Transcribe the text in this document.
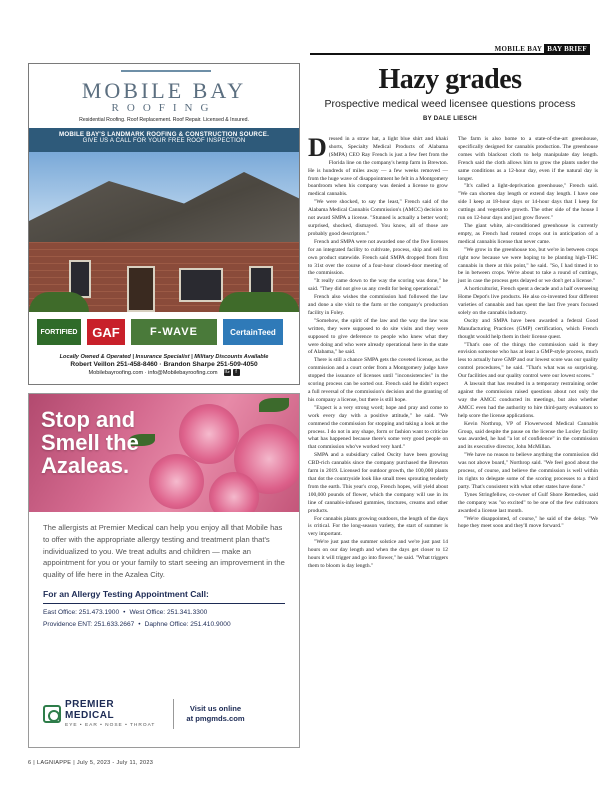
MOBILE BAY BAY BRIEF
MOBILE BAY
ROOFING
Residential Roofing. Roof Replacement. Roof Repair. Licensed & Insured.
MOBILE BAY'S LANDMARK ROOFING & CONSTRUCTION SOURCE.
GIVE US A CALL FOR YOUR FREE ROOF INSPECTION
FORTIFIED	GAF	F-WAVE	CertainTeed
Locally Owned & Operated | Insurance Specialist | Military Discounts Available
Robert Veillon 251-458-8460 · Brandon Sharpe 251-509-4050
Mobilebayroofing.com · info@Mobilebayroofing.com IG	f
Stop and
Smell the
Azaleas.
The allergists at Premier Medical can help you enjoy all that Mobile has to offer with the appropriate allergy testing and treatment plan that's individualized to you. We treat adults and children — make an appointment for you or your family to start seeing an improvement in the quality of life here in the Azalea City.
For an Allergy Testing Appointment Call:
East Office: 251.473.1900 • West Office: 251.341.3300
Providence ENT: 251.633.2667 • Daphne Office: 251.410.9000
PREMIER
MEDICAL
EYE • EAR • NOSE • THROAT
Visit us online
at pmgmds.com
Hazy grades
Prospective medical weed licensee questions process
BY DALE LIESCH

Dressed in a straw hat, a light blue shirt and khaki shorts, Specialty Medical Products of Alabama (SMPA) CEO Ray French is just a few feet from the Florida line on the company's hemp farm in Brewton. He is hundreds of miles away — a few weeks removed — from the huge wave of disappointment he felt in a Montgomery boardroom when his company was denied a license to grow medical cannabis.

"We were shocked, to say the least," French said of the Alabama Medical Cannabis Commission's (AMCC) decision to not award SMPA a license. "Stunned is actually a better word; surprised, shocked, dismayed. You know, all of those are probably good descriptors."

French and SMPA were not awarded one of the five licenses for an integrated facility to cultivate, process, ship and sell its own product statewide. French said SMPA dropped from first to 31st over the course of a four-hour closed-door meeting of the commission.

"It really came down to the way the scoring was done," he said. "They did not give us any credit for being operational."

French also wishes the commission had followed the law and done a site visit to the farm or the company's production facility in Foley.

"Somehow, the spirit of the law and the way the law was written, they were supposed to do site visits and they were supposed to give deference to people who knew what they were doing and who were already operational here in the state of Alabama," he said.

There is still a chance SMPA gets the coveted license, as the commission and a court order from a Montgomery judge have stopped the issuance of licenses until "inconsistencies" in the scoring process can be sorted out. French said he didn't expect a full reversal of the commission's decision and the granting of his company a license, but there is still hope.

"Expect is a very strong word; hope and pray and come to work every day with a positive attitude," he said. "We commend the commission for stopping and taking a look at the process. I do not in any shape, form or fashion want to criticize what has happened because there's some very good people on that commission who've worked very hard."

SMPA and a subsidiary called Oscity have been growing CBD-rich cannabis since the company purchased the Brewton farm in 2019. Licensed for outdoor growth, the 100,000 plants that dot the countryside look like small trees sprouting tenderly from the earth. This year's crop, French hopes, will yield about 100,000 pounds of flower, which the company will use in its line of cannabis-infused gummies, tinctures, creams and other products.

For cannabis plants growing outdoors, the length of the days is critical. For the long-season variety, the start of summer is very important.

"We're just past the summer solstice and we're just past 14 hours on our day length and when the days get closer to 12 hours it will trigger and go into flower," he said. "What triggers them to bloom is day length."

The farm is also home to a state-of-the-art greenhouse, specifically designed for cannabis production. The greenhouse comes with blackout cloth to help manipulate day length. French said the cloth allows him to grow the plants under the same conditions as a 12-hour day, even if the natural day is longer.

"It's called a light-deprivation greenhouse," French said. "We can shorten day length or extend day length. I have one side I keep at 18-hour days or 14-hour days that I keep for cuttings and vegetative growth. The other side of the house I run on 12-hour days and just grow flower."

The giant white, air-conditioned greenhouse is currently empty, as French had rotated crops out in anticipation of a medical cannabis license that never came.

"We grow in the greenhouse too, but we're in between crops right now because we were hoping to be planting high-THC cannabis in there at this point," he said. "So, I had timed it to be in between crops. We're about to take a round of cuttings, just in case the process gets delayed or we don't get a license."

A horticulturist, French spent a decade and a half overseeing Home Depot's live products. He also co-invented four different varieties of cannabis and has spent the last five years focused solely on the cannabis industry.

Oscity and SMPA have been awarded a federal Good Manufacturing Practices (GMP) certification, which French thought would help them in their license quest.

"That's one of the things the commission said is they envision someone who has at least a GMP-style process, much less to actually have GMP and our lowest score was our quality control procedures," he said. "That's what was so surprising. Our facilities and our quality control were our lowest scores."

A lawsuit that has resulted in a temporary restraining order against the commission raised questions about not only the way the AMCC conducted its meetings, but also whether AMCC even had the authority to hire third-party evaluators to help score the license applications.

Kevin Northrop, VP of Flowerwood Medical Cannabis Group, said despite the pause on the license the Loxley facility was awarded, he had "a lot of confidence" in the commission and its executive director, John McMillan.

"We have no reason to believe anything the commission did was not above board," Northrop said. "We feel good about the process, of course, and believe the commission is well within its rights to delegate some of the scoring processes to a third party. That's consistent with what other states have done."

Tynes Stringfellow, co-owner of Gulf Shore Remedies, said the company was "so excited" to be one of the few cultivators awarded a license last month.

"We're disappointed, of course," he said of the delay. "We hope they meet soon and they'll move forward."

6 | LAGNIAPPE | July 5, 2023 - July 11, 2023
